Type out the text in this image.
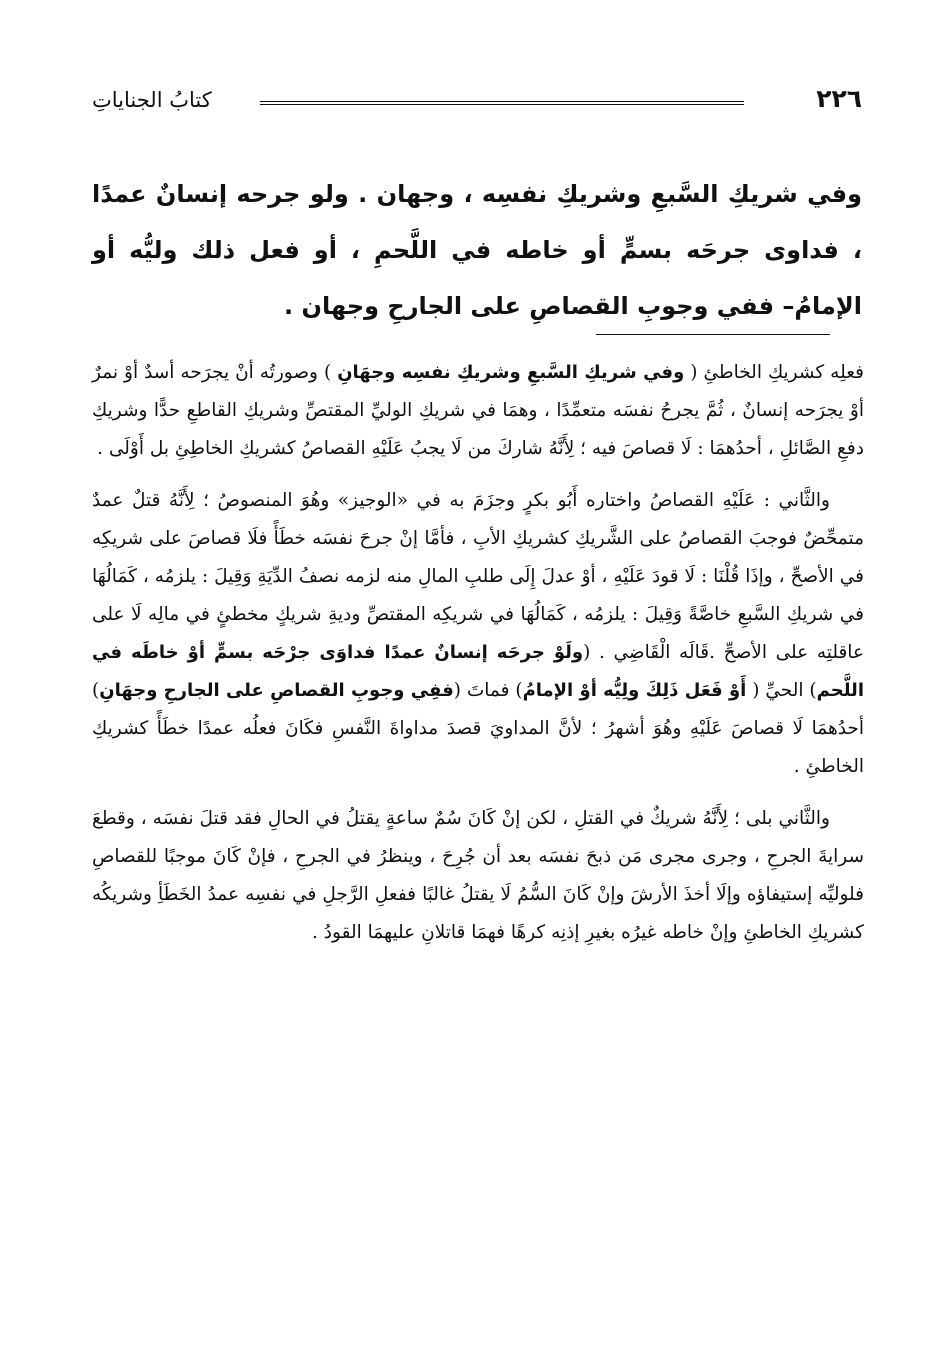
٢٢٦
كتابُ الجناياتِ

وفي شريكِ السَّبعِ وشريكِ نفسِه ، وجهان . ولو جرحه إنسانٌ عمدًا ، فداوى جرحَه بسمٍّ أو خاطه في اللَّحمِ ، أو فعل ذلك وليُّه أو الإمامُ– ففي وجوبِ القصاصِ على الجارحِ وجهان .

فعلِه كشريكِ الخاطئِ ( وفي شريكِ السَّبعِ وشريكِ نفسِه وجهَانِ ) وصورتُه أنْ يجرَحه أسدٌ أوْ نمرٌ أوْ يجرَحه إنسانٌ ، ثُمَّ يجرحُ نفسَه متعمِّدًا ، وهمَا في شريكِ الوليِّ المقتصِّ وشريكِ القاطعِ حدًّا وشريكِ دفعِ الصَّائلِ ، أحدُهمَا : لَا قصاصَ فيه ؛ لِأَنَّهُ شاركَ من لَا يجبُ عَلَيْهِ القصاصُ كشريكِ الخاطِئِ بل أَوْلَى .

والثَّاني : عَلَيْهِ القصاصُ واختاره أَبُو بكرٍ وجزَمَ به في «الوجيز» وهُوَ المنصوصُ ؛ لِأَنَّهُ قتلٌ عمدٌ متمحِّضٌ فوجبَ القصاصُ على الشَّريكِ كشريكِ الأبِ ، فأمَّا إنْ جرحَ نفسَه خطَأً فلَا قصاصَ على شريكِه في الأصحِّ ، وإذَا قُلْنَا : لَا قودَ عَلَيْهِ ، أوْ عدلَ إِلَى طلبِ المالِ منه لزمه نصفُ الدِّيَةِ وَقِيلَ : يلزمُه ، كَمَالُهَا في شريكِ السَّبعِ خاصَّةً وَقِيلَ : يلزمُه ، كَمَالُهَا في شريكِه المقتصِّ وديةِ شريكٍ مخطئٍ في مالِه لَا على عاقلتِه على الأصحِّ .قَالَه الْقَاضِي . (ولَوْ جرحَه إنسانٌ عمدًا فداوَى جرْحَه بسمٍّ أوْ خاطَه في اللَّحم) الحيِّ ( أَوْ فَعَل ذَلِكَ ولِيُّه أوْ الإمامُ) فماتَ (ففِي وجوبِ القصاصِ على الجارحِ وجهَانِ) أحدُهمَا لَا قصاصَ عَلَيْهِ وهُوَ أشهرُ ؛ لأنَّ المداويَ قصدَ مداواةَ النَّفسِ فكَانَ فعلُه عمدًا خطَأً كشريكِ الخاطئِ .

والثَّاني بلى ؛ لِأَنَّهُ شريكٌ في القتلِ ، لكن إنْ كَانَ سُمٌ ساعةٍ يقتلُ في الحالِ فقد قتلَ نفسَه ، وقطعَ سرايةَ الجرحِ ، وجرى مجرى مَن ذبحَ نفسَه بعد أن جُرِحَ ، وينظرُ في الجرحِ ، فإنْ كَانَ موجبًا للقصاصِ فلوليِّه إستيفاؤه وإلَا أخذَ الأرشَ وإنْ كَانَ السُّمُ لَا يقتلُ غالبًا ففعلِ الرَّجلِ في نفسِه عمدُ الخَطَأِ وشريكُه كشريكِ الخاطئِ وإنْ خاطه غيرُه بغيرِ إذنِه كرهًا فهمَا قاتلانِ عليهمَا القودُ .
